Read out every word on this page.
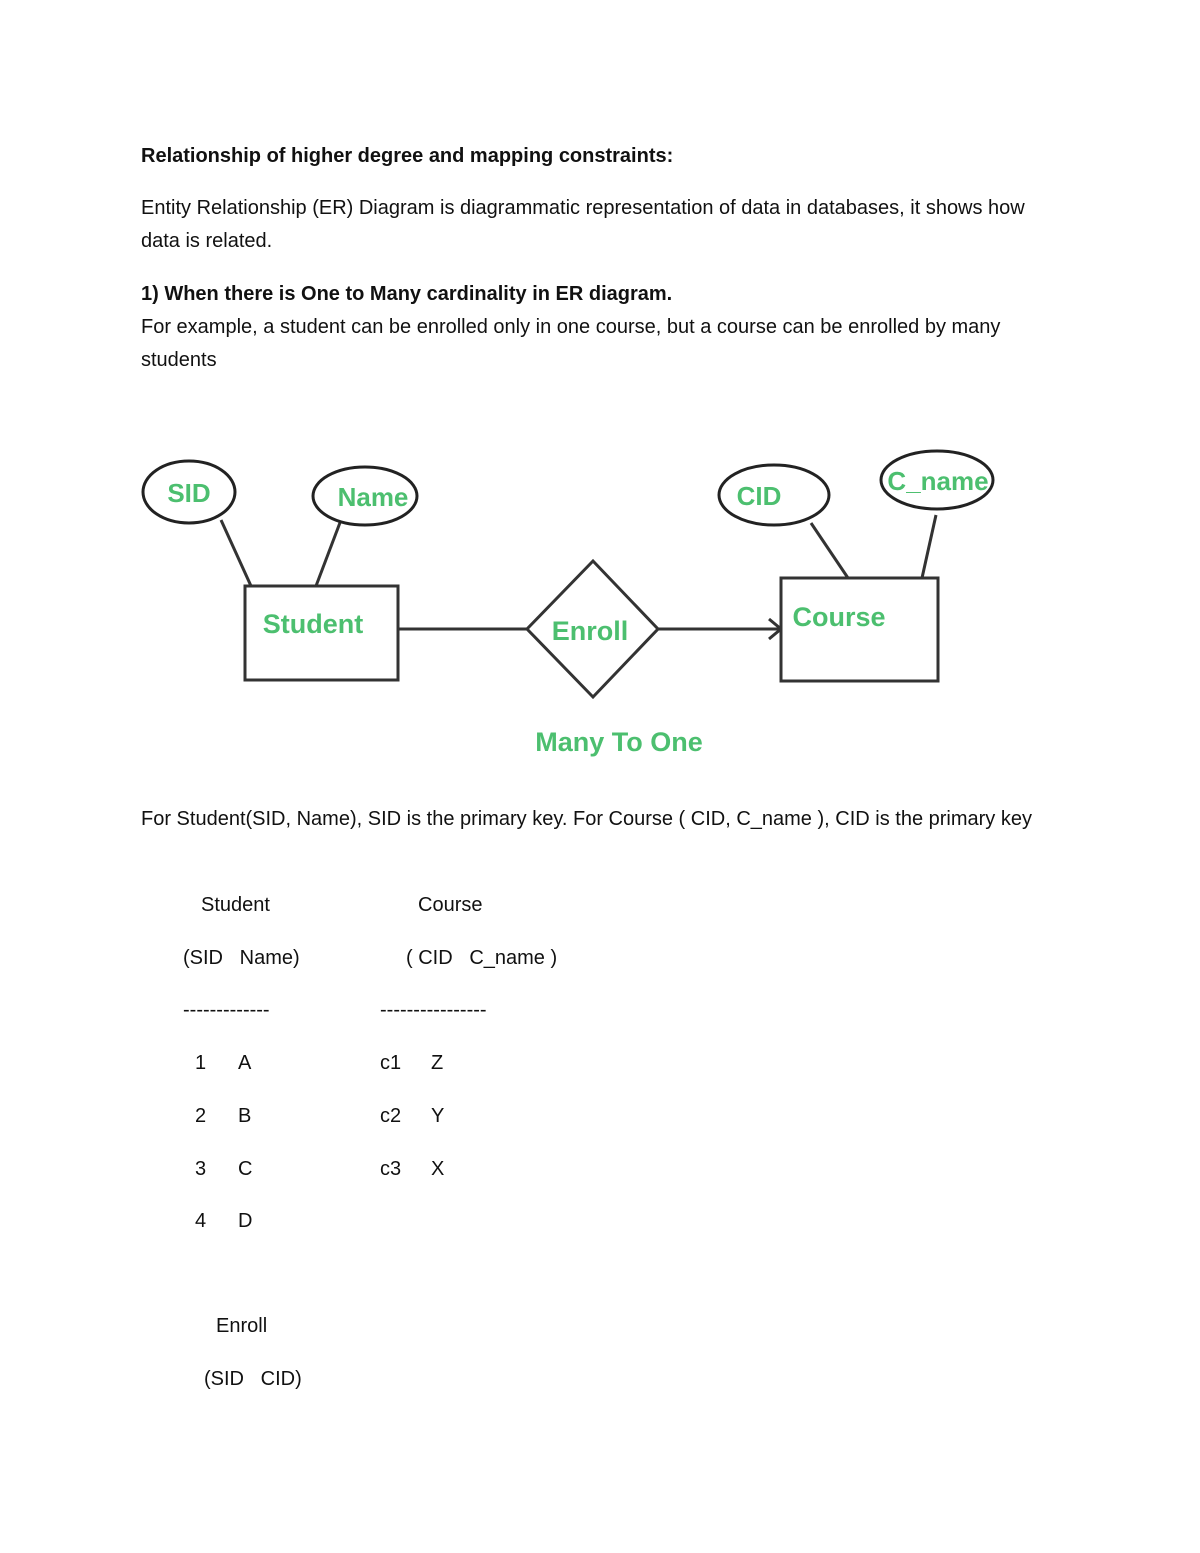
Relationship of higher degree and mapping constraints:
Entity Relationship (ER) Diagram is diagrammatic representation of data in databases, it shows how data is related.
1) When there is One to Many cardinality in ER diagram.
For example, a student can be enrolled only in one course, but a course can be enrolled by many students
SID	Name	CID	C_name
Student	Enroll	Course
Many To One
For Student(SID, Name), SID is the primary key. For Course ( CID, C_name ), CID is the primary key
Student
(SID   Name)
-------------
1 A
2 B
3 C
4 D
Course
( CID   C_name )
----------------
c1 Z
c2 Y
c3 X
Enroll
(SID   CID)
